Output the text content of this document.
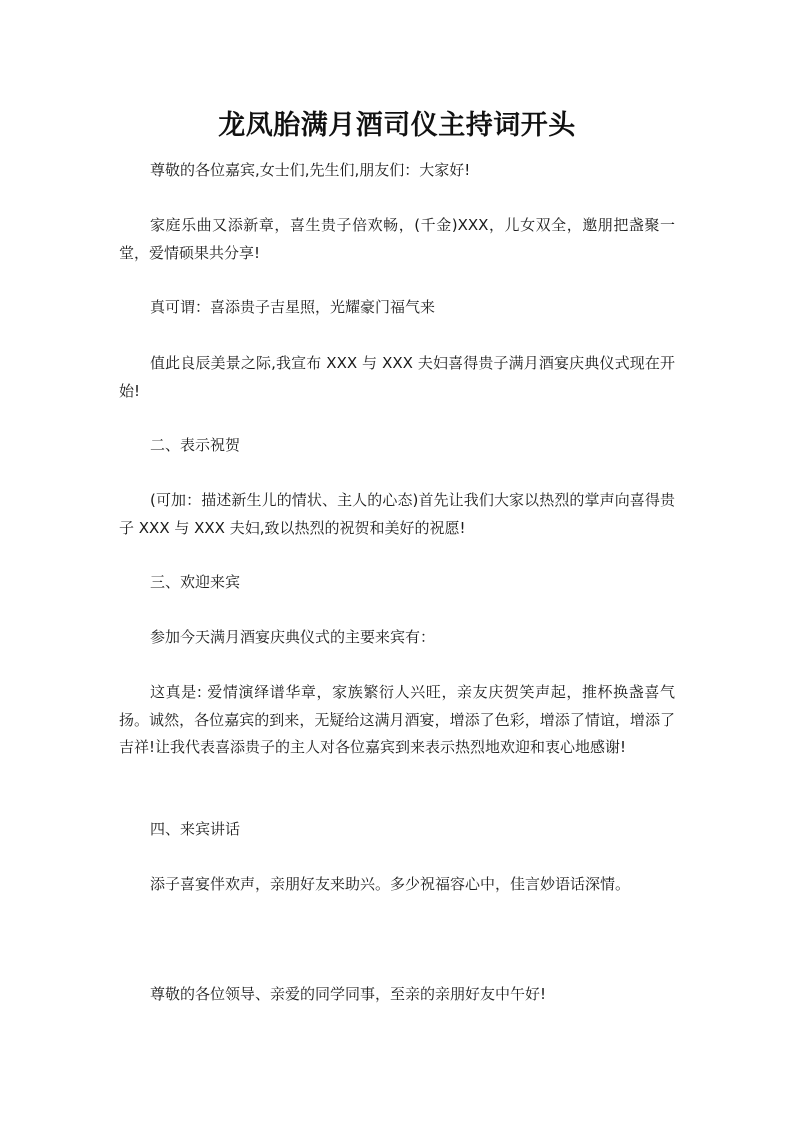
龙凤胎满月酒司仪主持词开头

尊敬的各位嘉宾,女士们,先生们,朋友们：大家好!

家庭乐曲又添新章，喜生贵子倍欢畅，(千金)XXX，儿女双全，邀朋把盏聚一堂，爱情硕果共分享!

真可谓：喜添贵子吉星照，光耀豪门福气来

值此良辰美景之际,我宣布 XXX 与 XXX 夫妇喜得贵子满月酒宴庆典仪式现在开始!

二、表示祝贺

(可加：描述新生儿的情状、主人的心态)首先让我们大家以热烈的掌声向喜得贵子 XXX 与 XXX 夫妇,致以热烈的祝贺和美好的祝愿!

三、欢迎来宾

参加今天满月酒宴庆典仪式的主要来宾有：

这真是: 爱情演绎谱华章，家族繁衍人兴旺，亲友庆贺笑声起，推杯换盏喜气扬。诚然，各位嘉宾的到来，无疑给这满月酒宴，增添了色彩，增添了情谊，增添了吉祥!让我代表喜添贵子的主人对各位嘉宾到来表示热烈地欢迎和衷心地感谢!

四、来宾讲话

添子喜宴伴欢声，亲朋好友来助兴。多少祝福容心中，佳言妙语话深情。

尊敬的各位领导、亲爱的同学同事，至亲的亲朋好友中午好!
